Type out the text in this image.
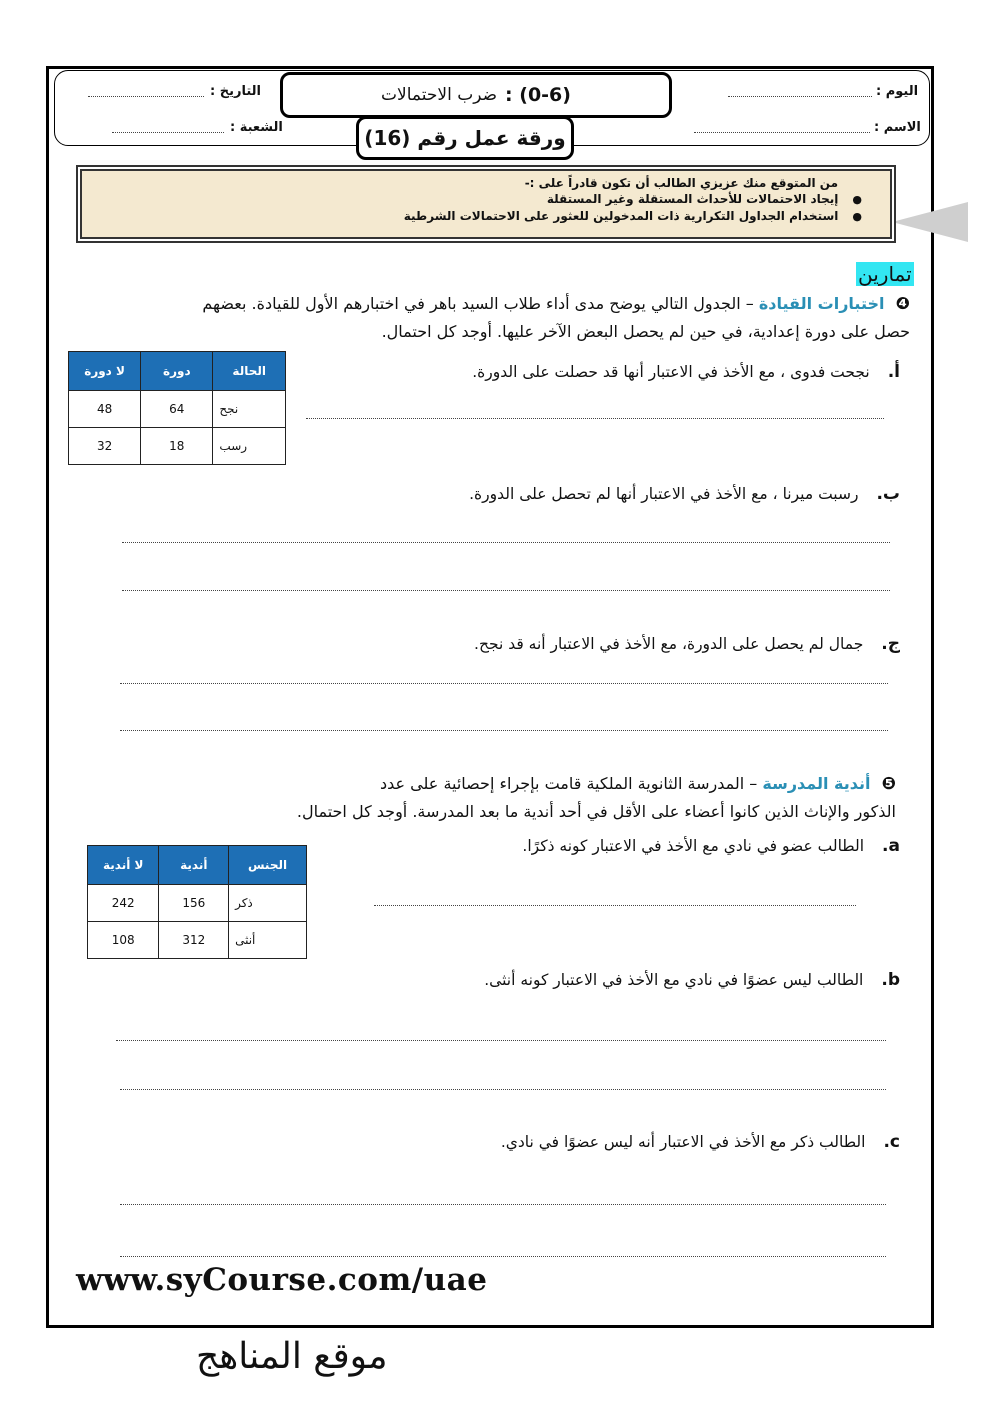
اليوم :
الاسم :
التاريخ :
الشعبة :
(0-6) :
ضرب الاحتمالات
ورقة عمل رقم (16)
من المتوقع منك عزيزي الطالب أن تكون قادراً على :-
● إيجاد الاحتمالات للأحداث المستقلة وغير المستقلة
● استخدام الجداول التكرارية ذات المدخولين للعثور على الاحتمالات الشرطية
تمارين
❹ اختبارات القيادة – الجدول التالي يوضح مدى أداء طلاب السيد باهر في اختبارهم الأول للقيادة. بعضهم
حصل على دورة إعدادية، في حين لم يحصل البعض الآخر عليها. أوجد كل احتمال.
الحالة	دورة	لا دورة
نجح	64	48
رسب	18	32
أ.نجحت فدوى ، مع الأخذ في الاعتبار أنها قد حصلت على الدورة.
ب.رسبت ميرنا ، مع الأخذ في الاعتبار أنها لم تحصل على الدورة.
ج.جمال لم يحصل على الدورة، مع الأخذ في الاعتبار أنه قد نجح.
❺ أندية المدرسة – المدرسة الثانوية الملكية قامت بإجراء إحصائية على عدد
الذكور والإناث الذين كانوا أعضاء على الأقل في أحد أندية ما بعد المدرسة. أوجد كل احتمال.
الجنس	أندية	لا أندية
ذكر	156	242
أنثى	312	108
a.الطالب عضو في نادي مع الأخذ في الاعتبار كونه ذكرًا.
b.الطالب ليس عضوًا في نادي مع الأخذ في الاعتبار كونه أنثى.
c.الطالب ذكر مع الأخذ في الاعتبار أنه ليس عضوًا في نادي.
www.syCourse.com/uae
موقع المناهج
